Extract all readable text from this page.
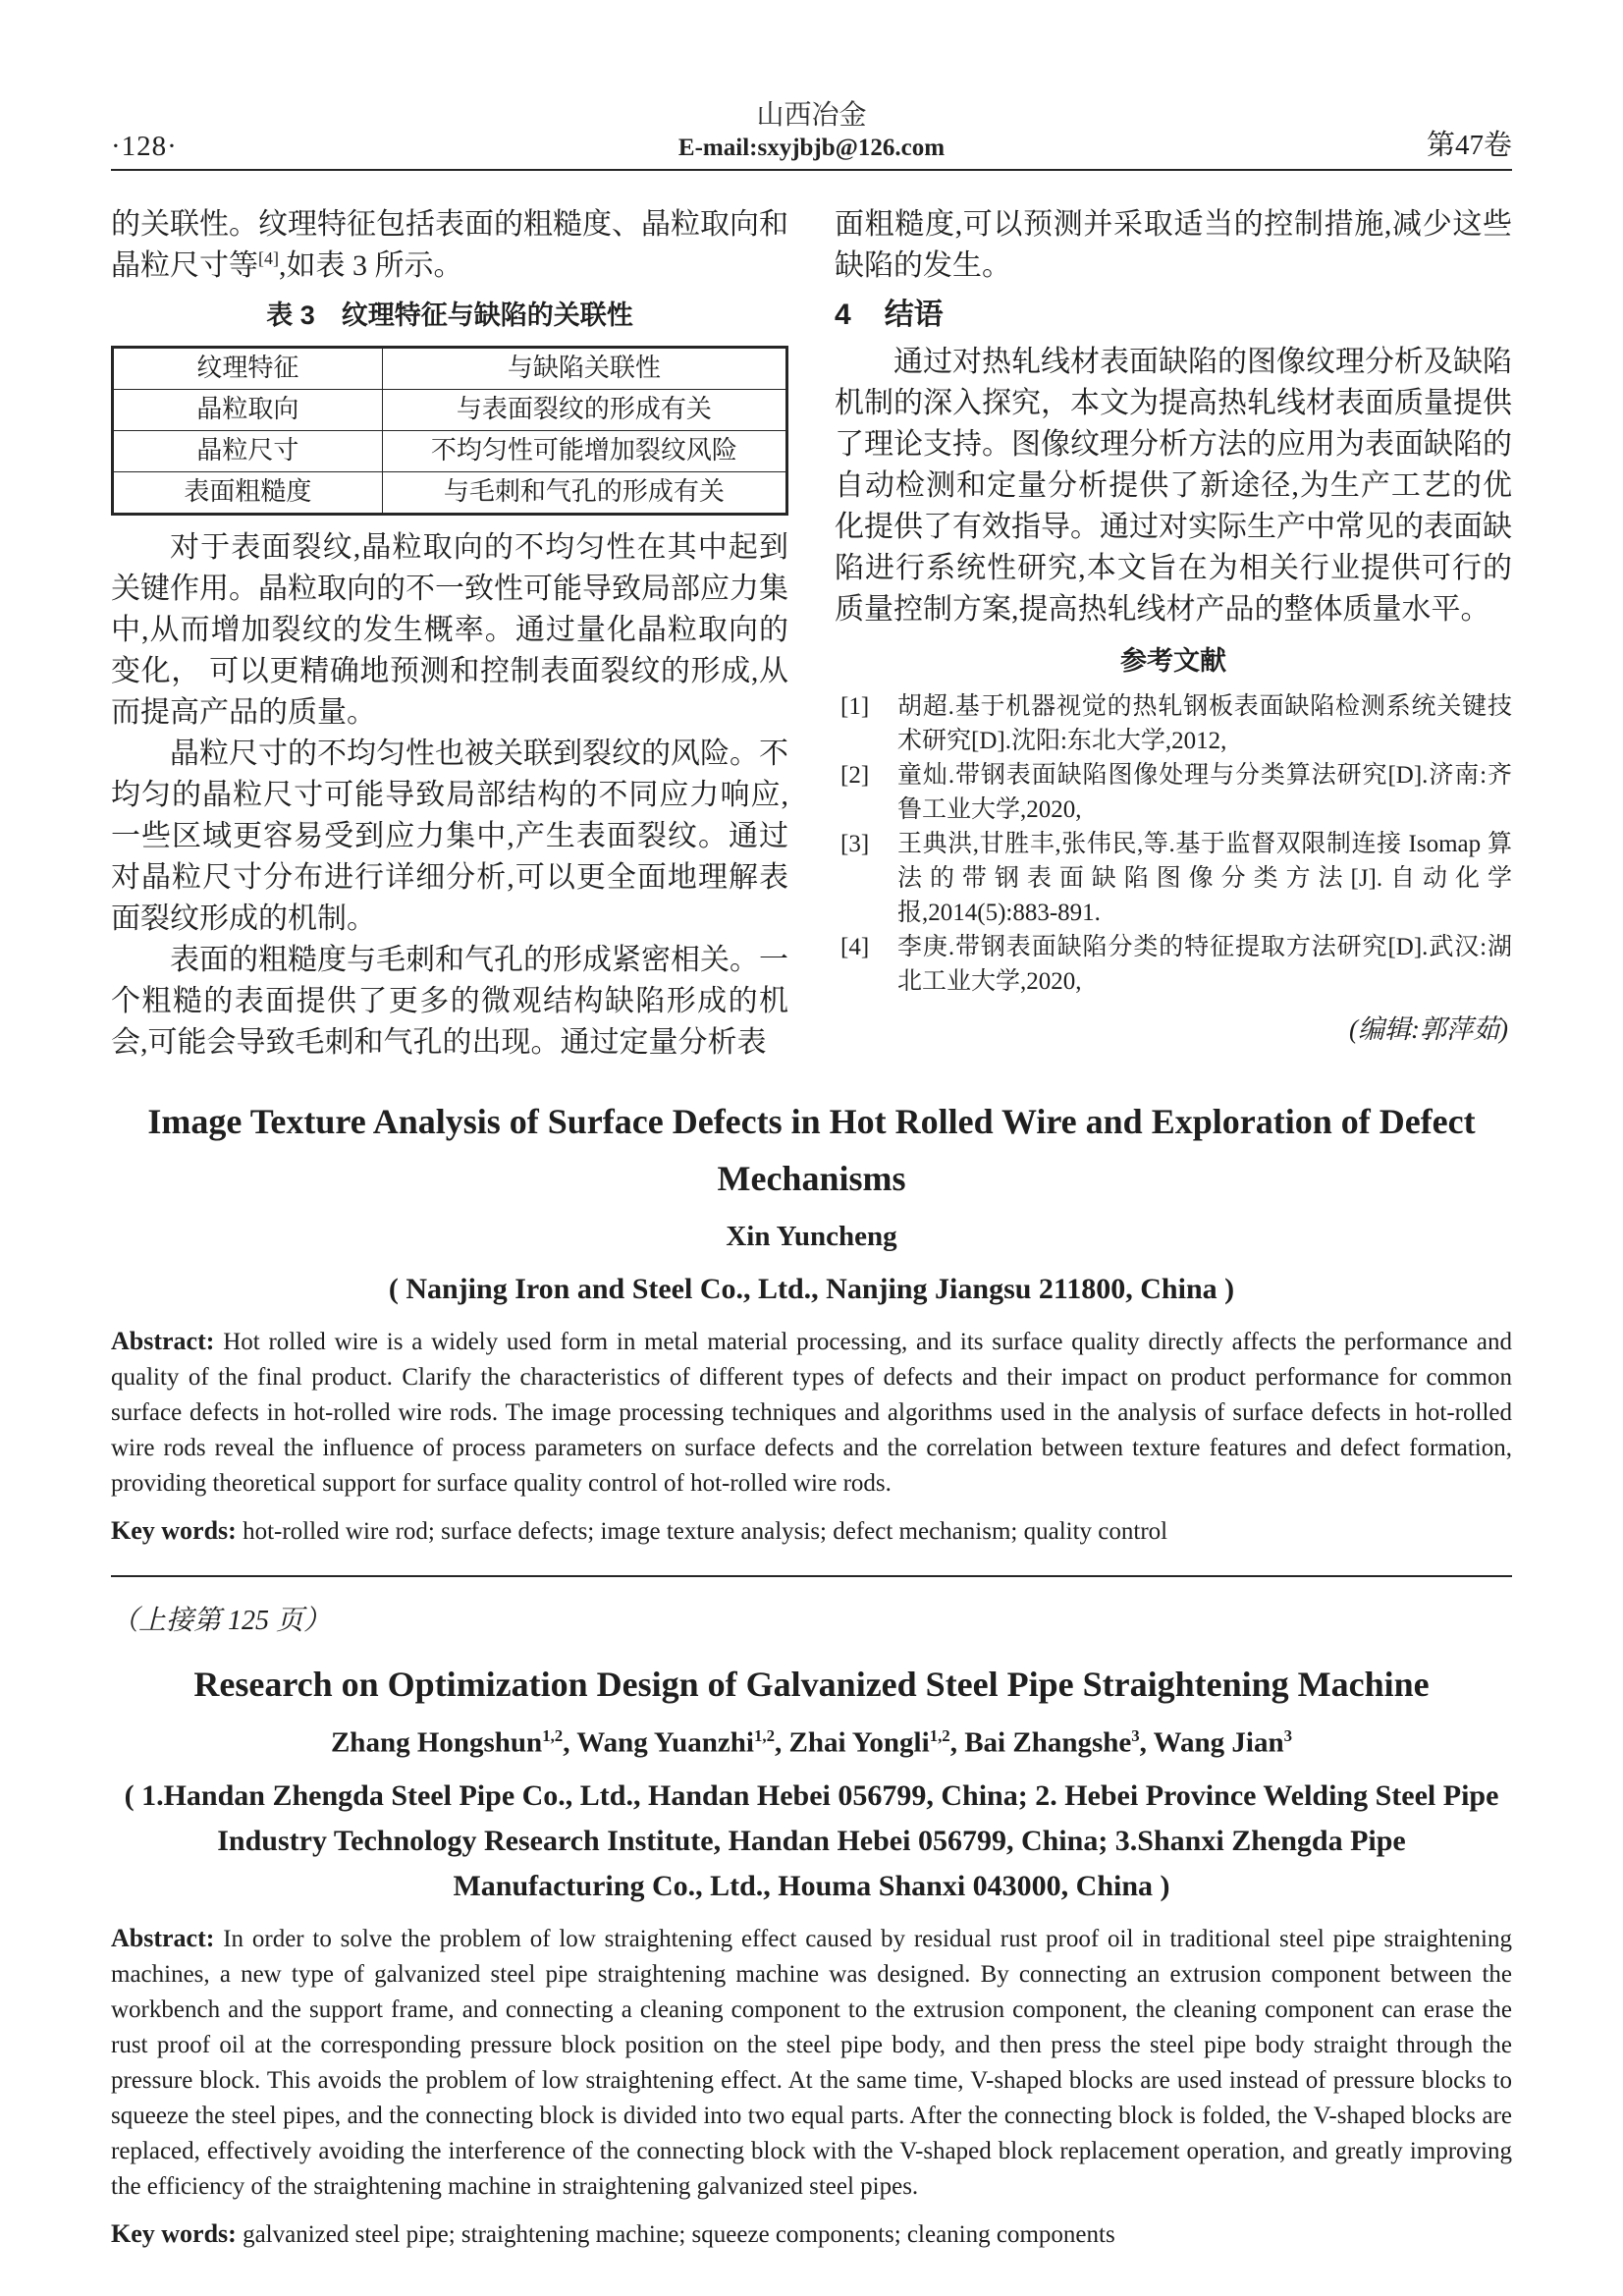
·128·
山西冶金
E-mail:sxyjbjb@126.com	第47卷

的关联性。纹理特征包括表面的粗糙度、晶粒取向和晶粒尺寸等[4],如表 3 所示。

表 3　纹理特征与缺陷的关联性
纹理特征	与缺陷关联性
晶粒取向	与表面裂纹的形成有关
晶粒尺寸	不均匀性可能增加裂纹风险
表面粗糙度	与毛刺和气孔的形成有关

对于表面裂纹,晶粒取向的不均匀性在其中起到关键作用。晶粒取向的不一致性可能导致局部应力集中,从而增加裂纹的发生概率。通过量化晶粒取向的变化， 可以更精确地预测和控制表面裂纹的形成,从而提高产品的质量。

晶粒尺寸的不均匀性也被关联到裂纹的风险。不均匀的晶粒尺寸可能导致局部结构的不同应力响应,一些区域更容易受到应力集中,产生表面裂纹。通过对晶粒尺寸分布进行详细分析,可以更全面地理解表面裂纹形成的机制。

表面的粗糙度与毛刺和气孔的形成紧密相关。一个粗糙的表面提供了更多的微观结构缺陷形成的机会,可能会导致毛刺和气孔的出现。通过定量分析表

面粗糙度,可以预测并采取适当的控制措施,减少这些缺陷的发生。

4 结语

通过对热轧线材表面缺陷的图像纹理分析及缺陷机制的深入探究，本文为提高热轧线材表面质量提供了理论支持。图像纹理分析方法的应用为表面缺陷的自动检测和定量分析提供了新途径,为生产工艺的优化提供了有效指导。通过对实际生产中常见的表面缺陷进行系统性研究,本文旨在为相关行业提供可行的质量控制方案,提高热轧线材产品的整体质量水平。

参考文献
[1] 胡超.基于机器视觉的热轧钢板表面缺陷检测系统关键技术研究[D].沈阳:东北大学,2012,
[2] 童灿.带钢表面缺陷图像处理与分类算法研究[D].济南:齐鲁工业大学,2020,
[3] 王典洪,甘胜丰,张伟民,等.基于监督双限制连接 Isomap 算法的带钢表面缺陷图像分类方法[J].自动化学报,2014(5):883-891.
[4] 李庚.带钢表面缺陷分类的特征提取方法研究[D].武汉:湖北工业大学,2020,
(编辑:郭萍茹)
Image Texture Analysis of Surface Defects in Hot Rolled Wire and Exploration of Defect Mechanisms
Xin Yuncheng
( Nanjing Iron and Steel Co., Ltd., Nanjing Jiangsu 211800, China )
Abstract: Hot rolled wire is a widely used form in metal material processing, and its surface quality directly affects the performance and quality of the final product. Clarify the characteristics of different types of defects and their impact on product performance for common surface defects in hot-rolled wire rods. The image processing techniques and algorithms used in the analysis of surface defects in hot-rolled wire rods reveal the influence of process parameters on surface defects and the correlation between texture features and defect formation, providing theoretical support for surface quality control of hot-rolled wire rods.
Key words: hot-rolled wire rod; surface defects; image texture analysis; defect mechanism; quality control
（上接第 125 页）
Research on Optimization Design of Galvanized Steel Pipe Straightening Machine
Zhang Hongshun$^{1,2}$, Wang Yuanzhi$^{1,2}$, Zhai Yongli$^{1,2}$, Bai Zhangshe$^3$, Wang Jian$^3$
( 1.Handan Zhengda Steel Pipe Co., Ltd., Handan Hebei 056799, China; 2. Hebei Province Welding Steel Pipe Industry Technology Research Institute, Handan Hebei 056799, China; 3.Shanxi Zhengda Pipe Manufacturing Co., Ltd., Houma Shanxi 043000, China )
Abstract: In order to solve the problem of low straightening effect caused by residual rust proof oil in traditional steel pipe straightening machines, a new type of galvanized steel pipe straightening machine was designed. By connecting an extrusion component between the workbench and the support frame, and connecting a cleaning component to the extrusion component, the cleaning component can erase the rust proof oil at the corresponding pressure block position on the steel pipe body, and then press the steel pipe body straight through the pressure block. This avoids the problem of low straightening effect. At the same time, V-shaped blocks are used instead of pressure blocks to squeeze the steel pipes, and the connecting block is divided into two equal parts. After the connecting block is folded, the V-shaped blocks are replaced, effectively avoiding the interference of the connecting block with the V-shaped block replacement operation, and greatly improving the efficiency of the straightening machine in straightening galvanized steel pipes.
Key words: galvanized steel pipe; straightening machine; squeeze components; cleaning components
